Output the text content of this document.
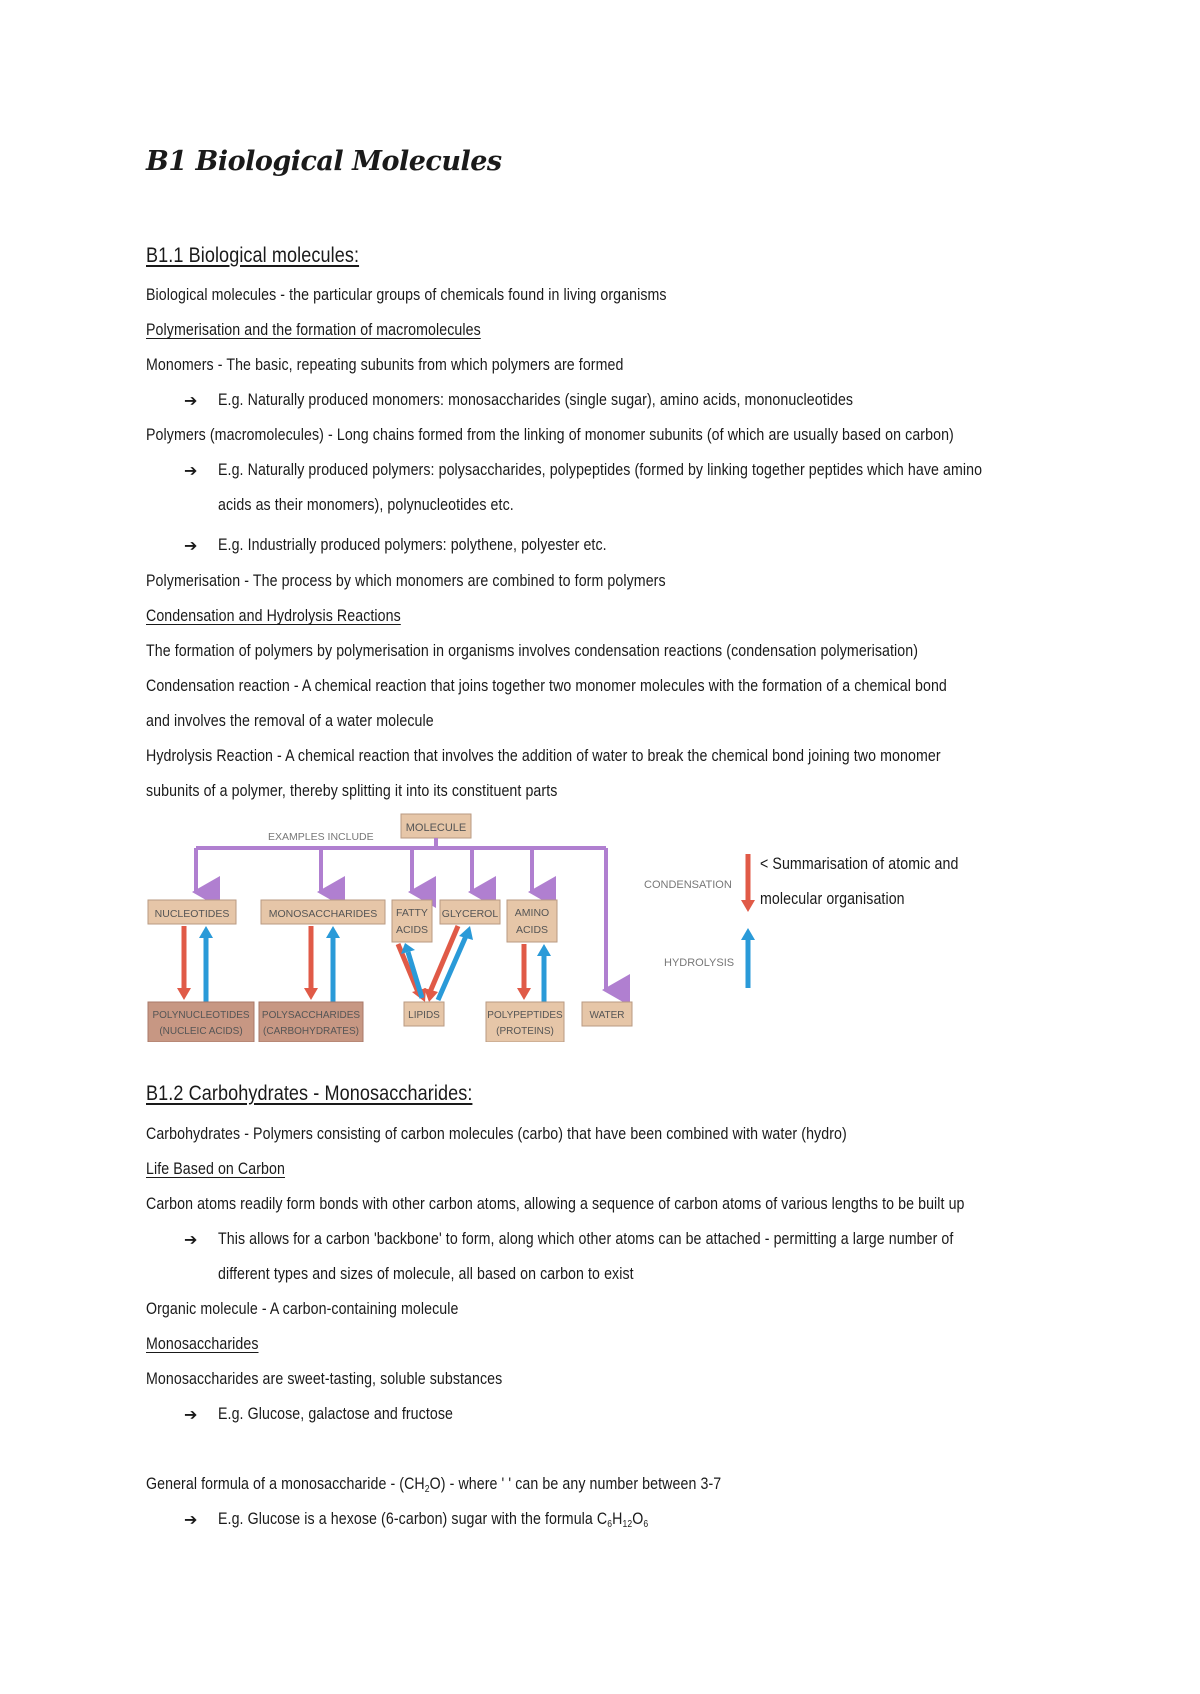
B1 Biological Molecules
B1.1 Biological molecules:
Biological molecules - the particular groups of chemicals found in living organisms
Polymerisation and the formation of macromolecules
Monomers - The basic, repeating subunits from which polymers are formed
➔ E.g. Naturally produced monomers: monosaccharides (single sugar), amino acids, mononucleotides
Polymers (macromolecules) - Long chains formed from the linking of monomer subunits (of which are usually based on carbon)
➔ E.g. Naturally produced polymers: polysaccharides, polypeptides (formed by linking together peptides which have amino
acids as their monomers), polynucleotides etc.
➔ E.g. Industrially produced polymers: polythene, polyester etc.
Polymerisation - The process by which monomers are combined to form polymers
Condensation and Hydrolysis Reactions
The formation of polymers by polymerisation in organisms involves condensation reactions (condensation polymerisation)
Condensation reaction - A chemical reaction that joins together two monomer molecules with the formation of a chemical bond
and involves the removal of a water molecule
Hydrolysis Reaction - A chemical reaction that involves the addition of water to break the chemical bond joining two monomer
subunits of a polymer, thereby splitting it into its constituent parts
MOLECULE
EXAMPLES INCLUDE
NUCLEOTIDES	MONOSACCHARIDES FATTY
ACIDS
GLYCEROL AMINO
ACIDS
POLYNUCLEOTIDES
(NUCLEIC ACIDS)
POLYSACCHARIDES
(CARBOHYDRATES)
LIPIDS	POLYPEPTIDES
(PROTEINS)
WATER
CONDENSATION
HYDROLYSIS
< Summarisation of atomic and
molecular organisation
B1.2 Carbohydrates - Monosaccharides:
Carbohydrates - Polymers consisting of carbon molecules (carbo) that have been combined with water (hydro)
Life Based on Carbon
Carbon atoms readily form bonds with other carbon atoms, allowing a sequence of carbon atoms of various lengths to be built up
➔ This allows for a carbon 'backbone' to form, along which other atoms can be attached - permitting a large number of
different types and sizes of molecule, all based on carbon to exist
Organic molecule - A carbon-containing molecule
Monosaccharides
Monosaccharides are sweet-tasting, soluble substances
➔ E.g. Glucose, galactose and fructose
General formula of a monosaccharide - $(CH_2O)$ - where ' ' can be any number between 3-7
➔ E.g. Glucose is a hexose (6-carbon) sugar with the formula $C_6H_{12}O_6$
